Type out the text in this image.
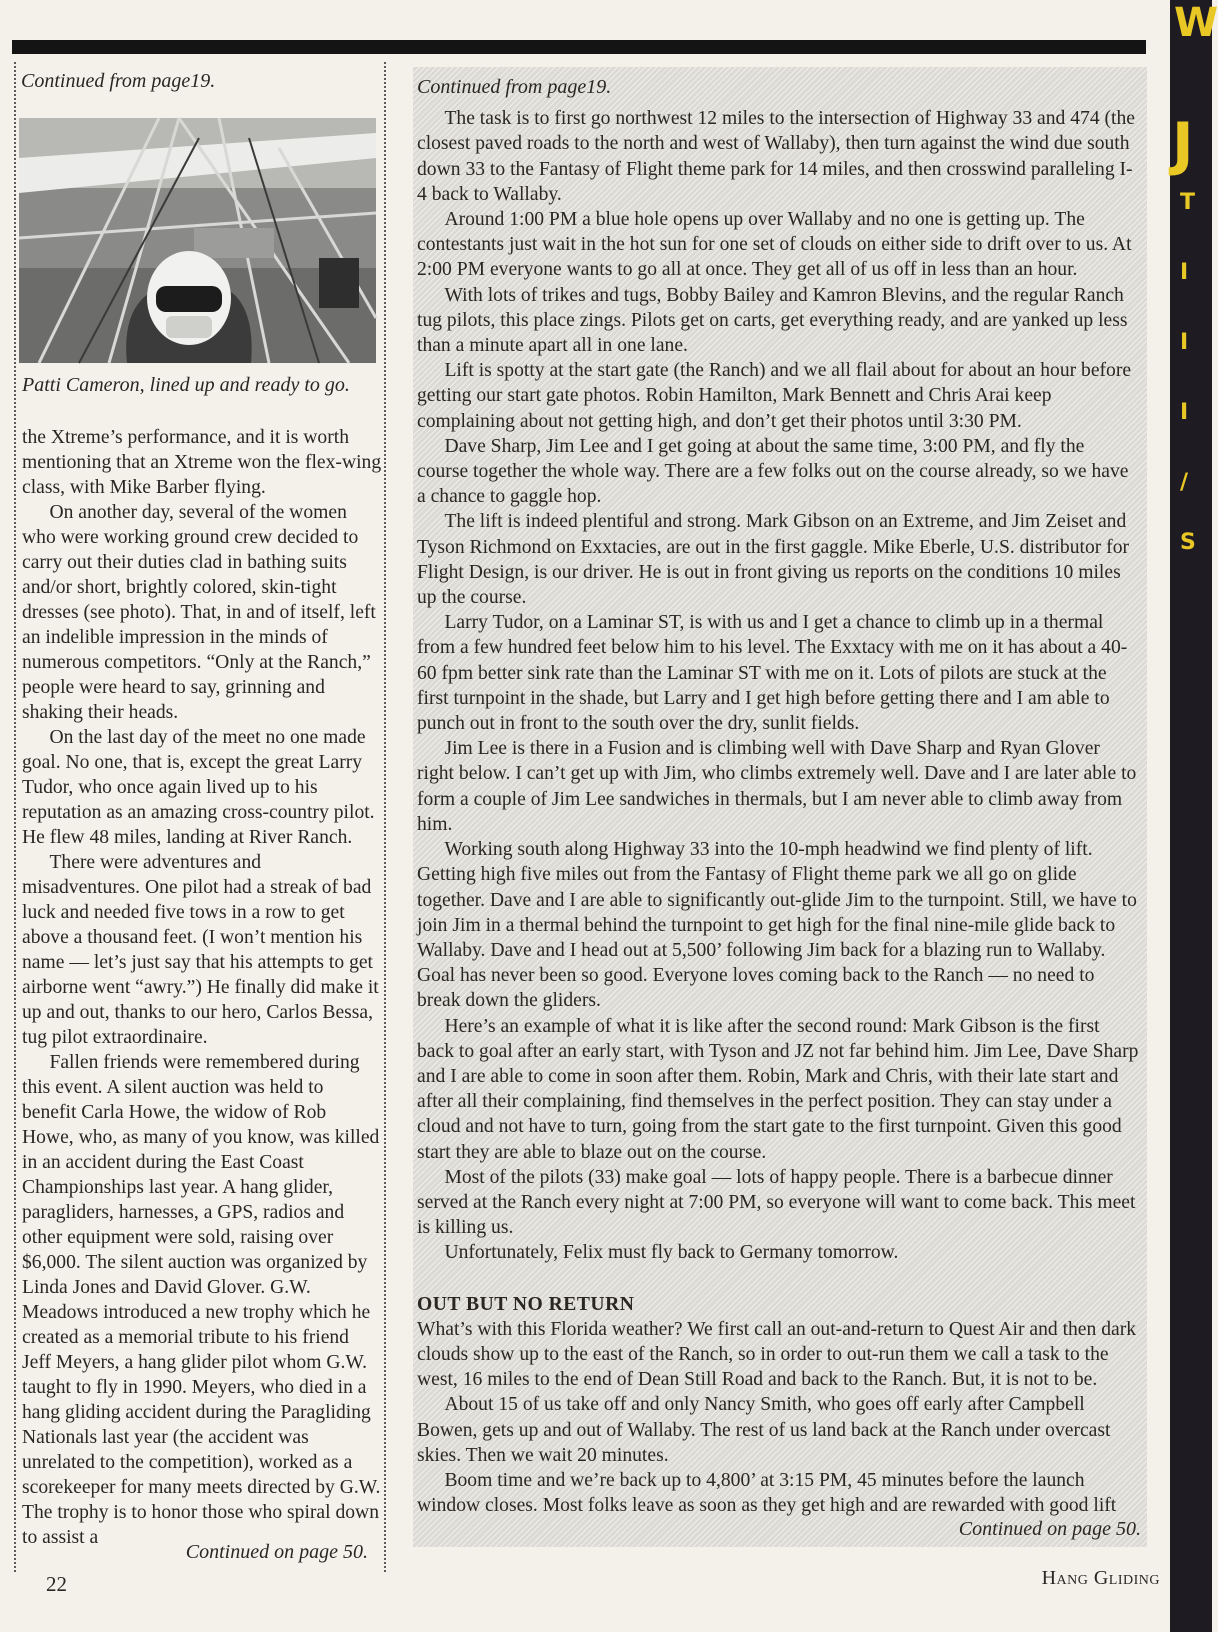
Continued from page19.
Patti Cameron, lined up and ready to go.

the Xtreme’s performance, and it is worth mentioning that an Xtreme won the flex-wing class, with Mike Barber flying.

On another day, several of the women who were working ground crew decided to carry out their duties clad in bathing suits and/or short, brightly colored, skin-tight dresses (see photo). That, in and of itself, left an indelible impression in the minds of numerous competitors. “Only at the Ranch,” people were heard to say, grinning and shaking their heads.

On the last day of the meet no one made goal. No one, that is, except the great Larry Tudor, who once again lived up to his reputation as an amazing cross-country pilot. He flew 48 miles, landing at River Ranch.

There were adventures and misadventures. One pilot had a streak of bad luck and needed five tows in a row to get above a thousand feet. (I won’t mention his name — let’s just say that his attempts to get airborne went “awry.”) He finally did make it up and out, thanks to our hero, Carlos Bessa, tug pilot extraordinaire.

Fallen friends were remembered during this event. A silent auction was held to benefit Carla Howe, the widow of Rob Howe, who, as many of you know, was killed in an accident during the East Coast Championships last year. A hang glider, paragliders, harnesses, a GPS, radios and other equipment were sold, raising over $6,000. The silent auction was organized by Linda Jones and David Glover. G.W. Meadows introduced a new trophy which he created as a memorial tribute to his friend Jeff Meyers, a hang glider pilot whom G.W. taught to fly in 1990. Meyers, who died in a hang gliding accident during the Paragliding Nationals last year (the accident was unrelated to the competition), worked as a scorekeeper for many meets directed by G.W. The trophy is to honor those who spiral down to assist a

Continued on page 50.

Continued from page19.

The task is to first go northwest 12 miles to the intersection of Highway 33 and 474 (the closest paved roads to the north and west of Wallaby), then turn against the wind due south down 33 to the Fantasy of Flight theme park for 14 miles, and then crosswind paralleling I-4 back to Wallaby.

Around 1:00 PM a blue hole opens up over Wallaby and no one is getting up. The contestants just wait in the hot sun for one set of clouds on either side to drift over to us. At 2:00 PM everyone wants to go all at once. They get all of us off in less than an hour.

With lots of trikes and tugs, Bobby Bailey and Kamron Blevins, and the regular Ranch tug pilots, this place zings. Pilots get on carts, get everything ready, and are yanked up less than a minute apart all in one lane.

Lift is spotty at the start gate (the Ranch) and we all flail about for about an hour before getting our start gate photos. Robin Hamilton, Mark Bennett and Chris Arai keep complaining about not getting high, and don’t get their photos until 3:30 PM.

Dave Sharp, Jim Lee and I get going at about the same time, 3:00 PM, and fly the course together the whole way. There are a few folks out on the course already, so we have a chance to gaggle hop.

The lift is indeed plentiful and strong. Mark Gibson on an Extreme, and Jim Zeiset and Tyson Richmond on Exxtacies, are out in the first gaggle. Mike Eberle, U.S. distributor for Flight Design, is our driver. He is out in front giving us reports on the conditions 10 miles up the course.

Larry Tudor, on a Laminar ST, is with us and I get a chance to climb up in a thermal from a few hundred feet below him to his level. The Exxtacy with me on it has about a 40-60 fpm better sink rate than the Laminar ST with me on it. Lots of pilots are stuck at the first turnpoint in the shade, but Larry and I get high before getting there and I am able to punch out in front to the south over the dry, sunlit fields.

Jim Lee is there in a Fusion and is climbing well with Dave Sharp and Ryan Glover right below. I can’t get up with Jim, who climbs extremely well. Dave and I are later able to form a couple of Jim Lee sandwiches in thermals, but I am never able to climb away from him.

Working south along Highway 33 into the 10-mph headwind we find plenty of lift. Getting high five miles out from the Fantasy of Flight theme park we all go on glide together. Dave and I are able to significantly out-glide Jim to the turnpoint. Still, we have to join Jim in a thermal behind the turnpoint to get high for the final nine-mile glide back to Wallaby. Dave and I head out at 5,500’ following Jim back for a blazing run to Wallaby. Goal has never been so good. Everyone loves coming back to the Ranch — no need to break down the gliders.

Here’s an example of what it is like after the second round: Mark Gibson is the first back to goal after an early start, with Tyson and JZ not far behind him. Jim Lee, Dave Sharp and I are able to come in soon after them. Robin, Mark and Chris, with their late start and after all their complaining, find themselves in the perfect position. They can stay under a cloud and not have to turn, going from the start gate to the first turnpoint. Given this good start they are able to blaze out on the course.

Most of the pilots (33) make goal — lots of happy people. There is a barbecue dinner served at the Ranch every night at 7:00 PM, so everyone will want to come back. This meet is killing us.

Unfortunately, Felix must fly back to Germany tomorrow.

OUT BUT NO RETURN

What’s with this Florida weather? We first call an out-and-return to Quest Air and then dark clouds show up to the east of the Ranch, so in order to out-run them we call a task to the west, 16 miles to the end of Dean Still Road and back to the Ranch. But, it is not to be.

About 15 of us take off and only Nancy Smith, who goes off early after Campbell Bowen, gets up and out of Wallaby. The rest of us land back at the Ranch under overcast skies. Then we wait 20 minutes.

Boom time and we’re back up to 4,800’ at 3:15 PM, 45 minutes before the launch window closes. Most folks leave as soon as they get high and are rewarded with good lift

Continued on page 50.
22	Hang Gliding
W
J
T
I
I
I
/
S
